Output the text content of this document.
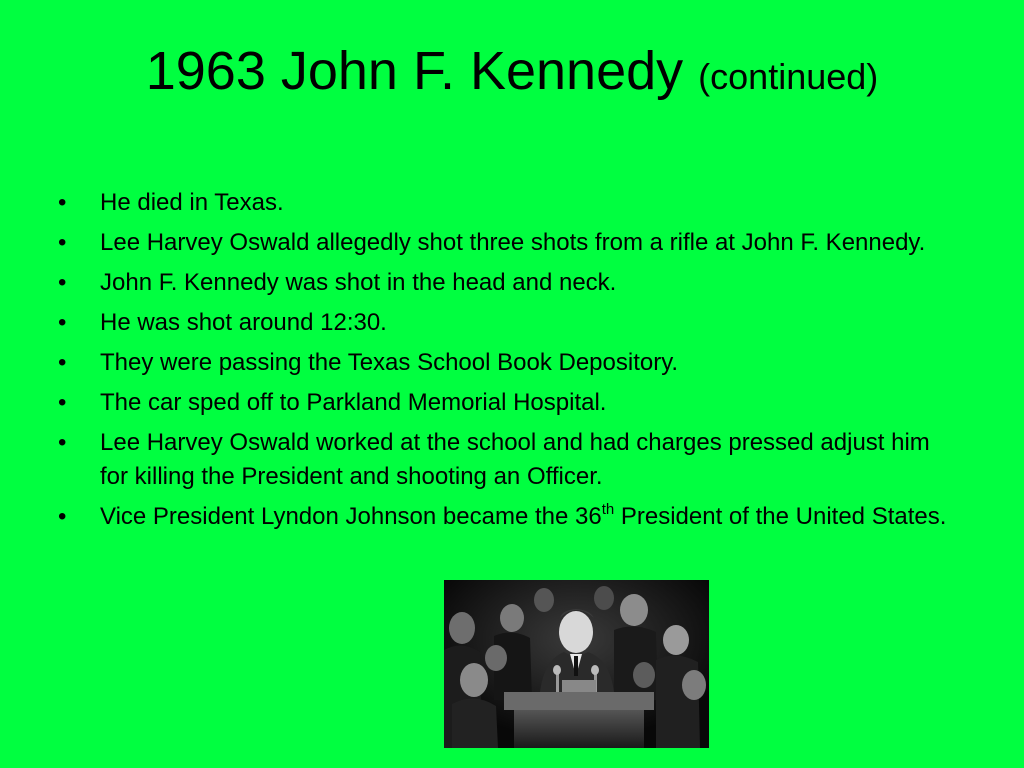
1963 John F. Kennedy (continued)
• He died in Texas.
• Lee Harvey Oswald allegedly shot three shots from a rifle at John F. Kennedy.
• John F. Kennedy was shot in the head and neck.
• He was shot around 12:30.
• They were passing the Texas School Book Depository.
• The car sped off to Parkland Memorial Hospital.
• Lee Harvey Oswald worked at the school and had charges pressed adjust him for killing the President and shooting an Officer.
• Vice President Lyndon Johnson became the 36th President of the United States.
